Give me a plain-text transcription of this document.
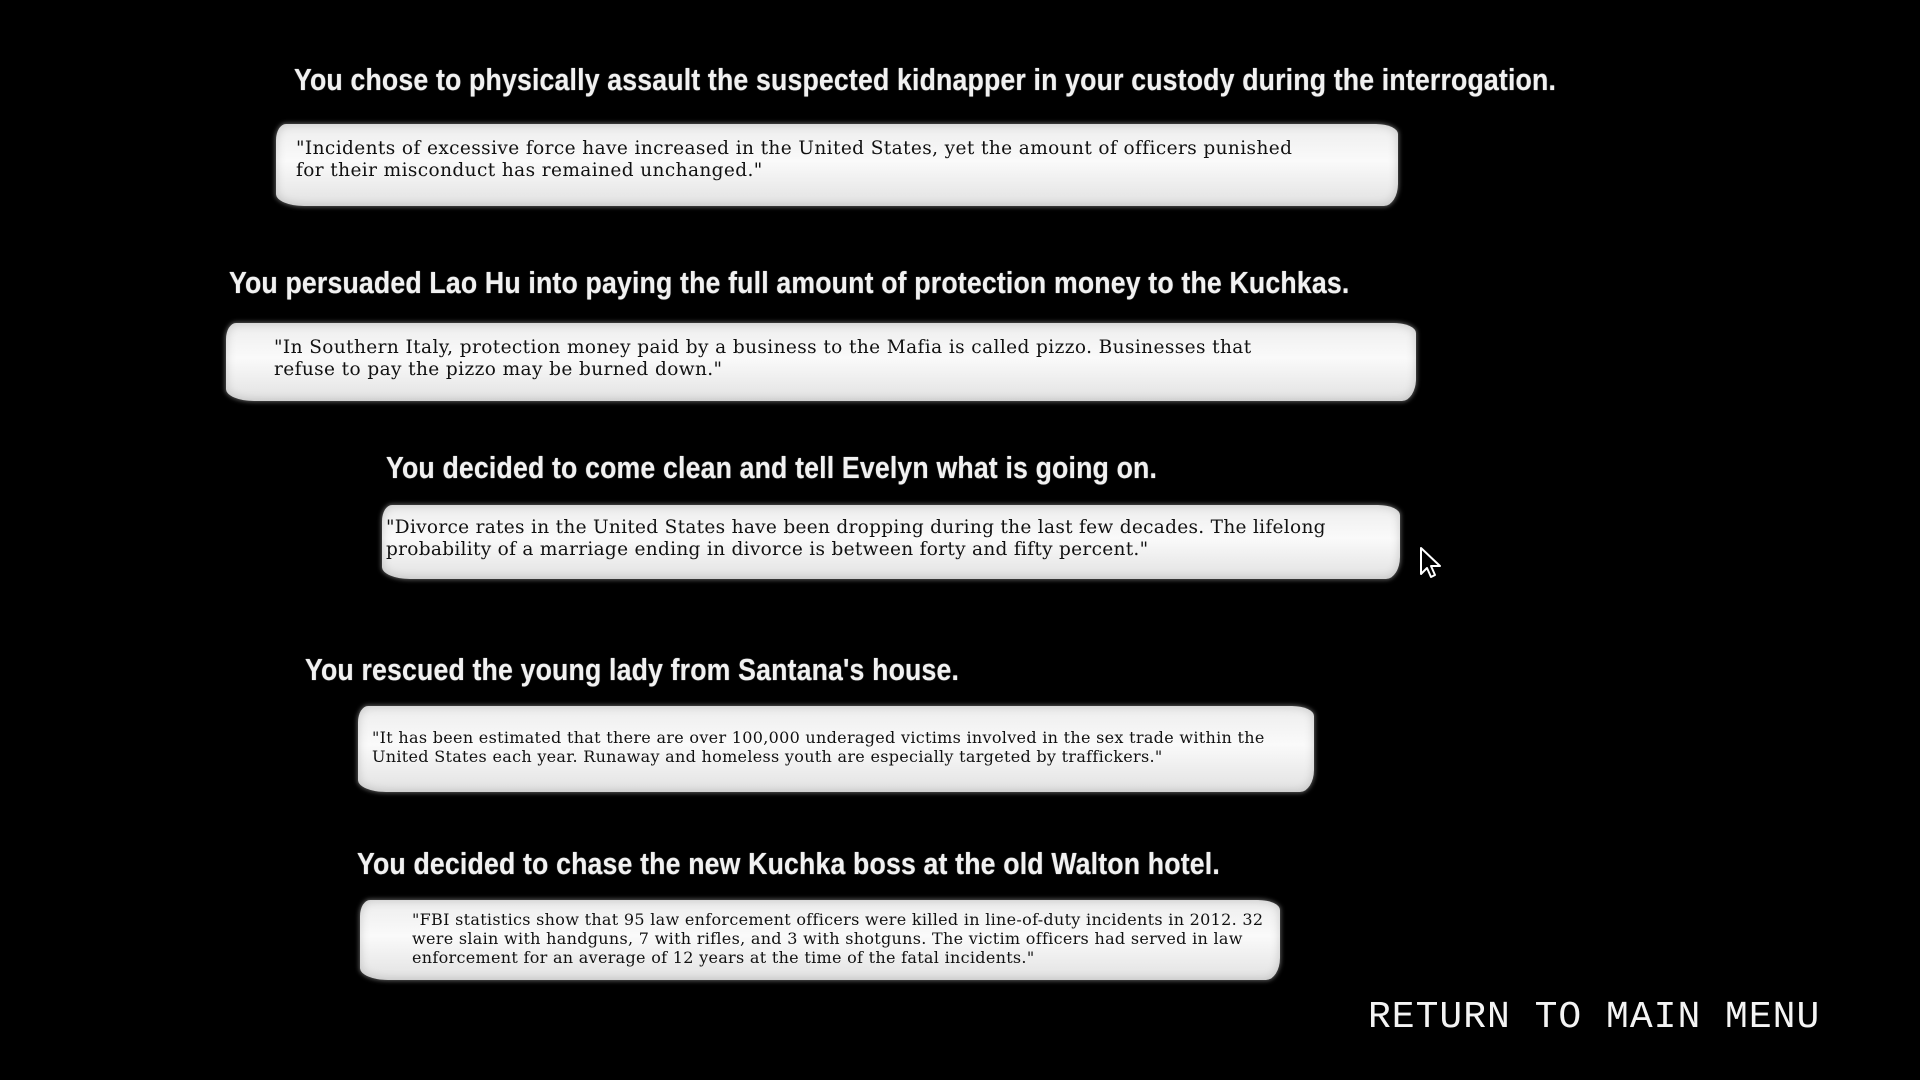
You chose to physically assault the suspected kidnapper in your custody during the interrogation.

"Incidents of excessive force have increased in the United States, yet the amount of officers punished
for their misconduct has remained unchanged."

You persuaded Lao Hu into paying the full amount of protection money to the Kuchkas.

"In Southern Italy, protection money paid by a business to the Mafia is called pizzo. Businesses that
refuse to pay the pizzo may be burned down."

You decided to come clean and tell Evelyn what is going on.

"Divorce rates in the United States have been dropping during the last few decades. The lifelong
probability of a marriage ending in divorce is between forty and fifty percent."

You rescued the young lady from Santana's house.

"It has been estimated that there are over 100,000 underaged victims involved in the sex trade within the
United States each year. Runaway and homeless youth are especially targeted by traffickers."

You decided to chase the new Kuchka boss at the old Walton hotel.

"FBI statistics show that 95 law enforcement officers were killed in line-of-duty incidents in 2012. 32
were slain with handguns, 7 with rifles, and 3 with shotguns. The victim officers had served in law
enforcement for an average of 12 years at the time of the fatal incidents."

RETURN TO MAIN MENU
